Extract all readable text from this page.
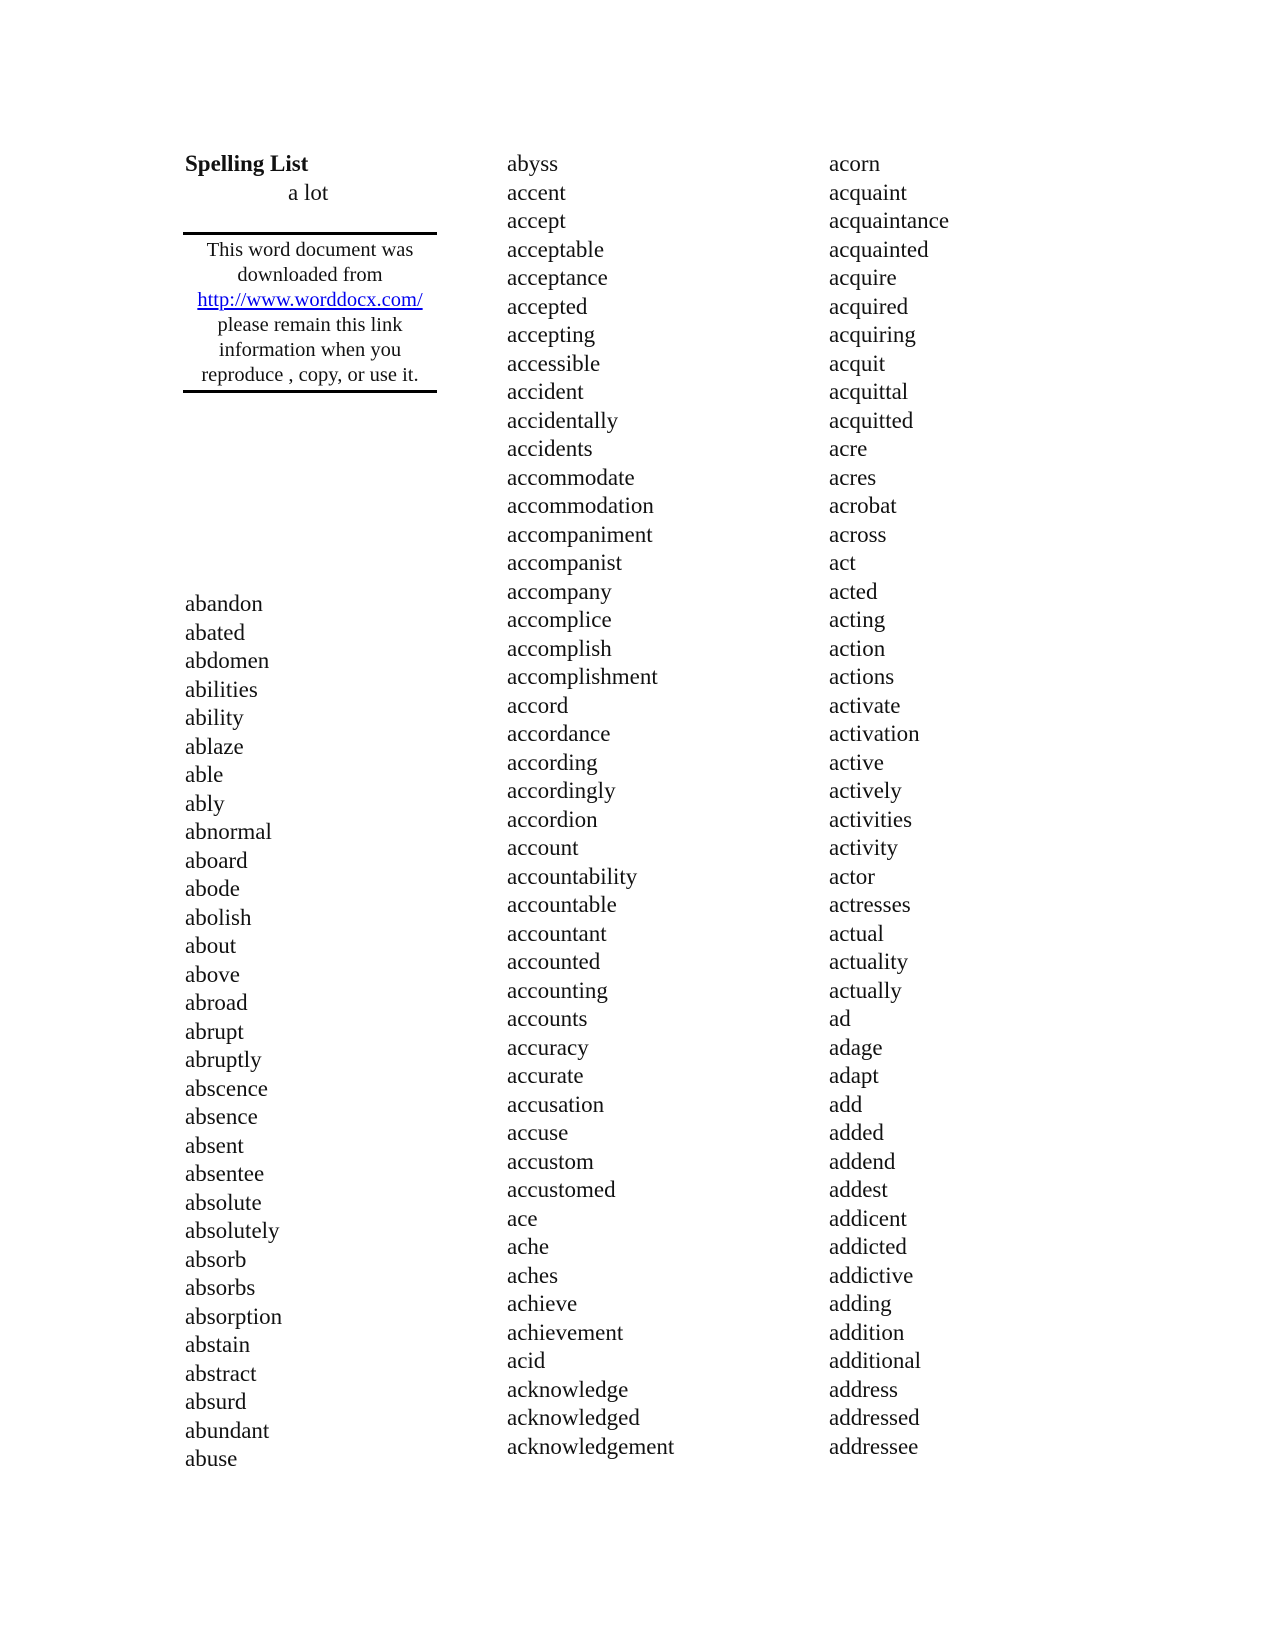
Spelling List
a lot
This word document was
downloaded from
http://www.worddocx.com/
please remain this link
information when you
reproduce , copy, or use it.
abandon
abated
abdomen
abilities
ability
ablaze
able
ably
abnormal
aboard
abode
abolish
about
above
abroad
abrupt
abruptly
abscence
absence
absent
absentee
absolute
absolutely
absorb
absorbs
absorption
abstain
abstract
absurd
abundant
abuse
abyss
accent
accept
acceptable
acceptance
accepted
accepting
accessible
accident
accidentally
accidents
accommodate
accommodation
accompaniment
accompanist
accompany
accomplice
accomplish
accomplishment
accord
accordance
according
accordingly
accordion
account
accountability
accountable
accountant
accounted
accounting
accounts
accuracy
accurate
accusation
accuse
accustom
accustomed
ace
ache
aches
achieve
achievement
acid
acknowledge
acknowledged
acknowledgement
acorn
acquaint
acquaintance
acquainted
acquire
acquired
acquiring
acquit
acquittal
acquitted
acre
acres
acrobat
across
act
acted
acting
action
actions
activate
activation
active
actively
activities
activity
actor
actresses
actual
actuality
actually
ad
adage
adapt
add
added
addend
addest
addicent
addicted
addictive
adding
addition
additional
address
addressed
addressee
